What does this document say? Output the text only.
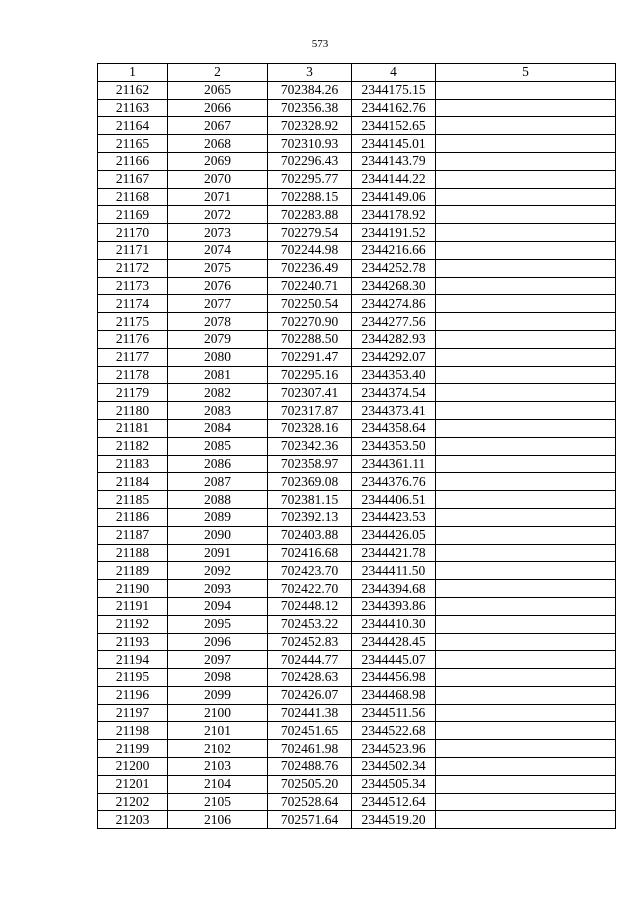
573
1	2	3	4	5
21162	2065	702384.26	2344175.15	
21163	2066	702356.38	2344162.76	
21164	2067	702328.92	2344152.65	
21165	2068	702310.93	2344145.01	
21166	2069	702296.43	2344143.79	
21167	2070	702295.77	2344144.22	
21168	2071	702288.15	2344149.06	
21169	2072	702283.88	2344178.92	
21170	2073	702279.54	2344191.52	
21171	2074	702244.98	2344216.66	
21172	2075	702236.49	2344252.78	
21173	2076	702240.71	2344268.30	
21174	2077	702250.54	2344274.86	
21175	2078	702270.90	2344277.56	
21176	2079	702288.50	2344282.93	
21177	2080	702291.47	2344292.07	
21178	2081	702295.16	2344353.40	
21179	2082	702307.41	2344374.54	
21180	2083	702317.87	2344373.41	
21181	2084	702328.16	2344358.64	
21182	2085	702342.36	2344353.50	
21183	2086	702358.97	2344361.11	
21184	2087	702369.08	2344376.76	
21185	2088	702381.15	2344406.51	
21186	2089	702392.13	2344423.53	
21187	2090	702403.88	2344426.05	
21188	2091	702416.68	2344421.78	
21189	2092	702423.70	2344411.50	
21190	2093	702422.70	2344394.68	
21191	2094	702448.12	2344393.86	
21192	2095	702453.22	2344410.30	
21193	2096	702452.83	2344428.45	
21194	2097	702444.77	2344445.07	
21195	2098	702428.63	2344456.98	
21196	2099	702426.07	2344468.98	
21197	2100	702441.38	2344511.56	
21198	2101	702451.65	2344522.68	
21199	2102	702461.98	2344523.96	
21200	2103	702488.76	2344502.34	
21201	2104	702505.20	2344505.34	
21202	2105	702528.64	2344512.64	
21203	2106	702571.64	2344519.20	
